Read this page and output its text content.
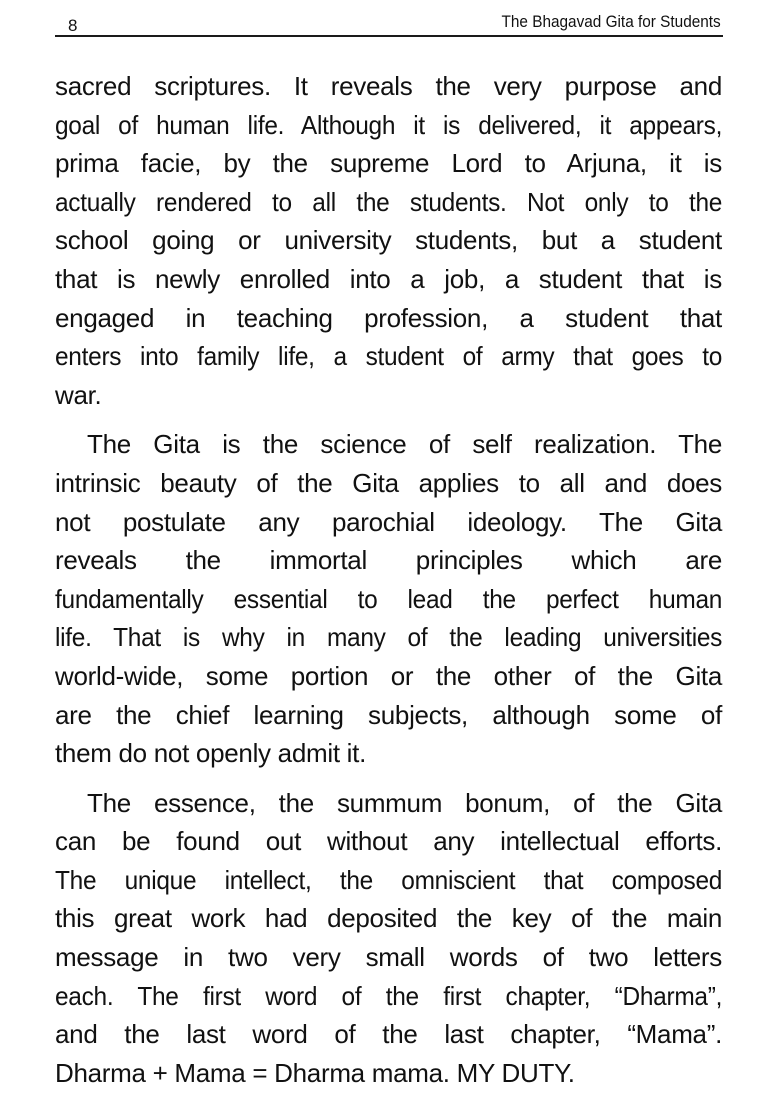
8	The Bhagavad Gita for Students

sacred scriptures. It reveals the very purpose and
goal of human life. Although it is delivered, it appears,
prima facie, by the supreme Lord to Arjuna, it is
actually rendered to all the students. Not only to the
school going or university students, but a student
that is newly enrolled into a job, a student that is
engaged in teaching profession, a student that
enters into family life, a student of army that goes to
war.

The Gita is the science of self realization. The
intrinsic beauty of the Gita applies to all and does
not postulate any parochial ideology. The Gita
reveals the immortal principles which are
fundamentally essential to lead the perfect human
life. That is why in many of the leading universities
world-wide, some portion or the other of the Gita
are the chief learning subjects, although some of
them do not openly admit it.

The essence, the summum bonum, of the Gita
can be found out without any intellectual efforts.
The unique intellect, the omniscient that composed
this great work had deposited the key of the main
message in two very small words of two letters
each. The first word of the first chapter, “Dharma”,
and the last word of the last chapter, “Mama”.
Dharma + Mama = Dharma mama. MY DUTY.
